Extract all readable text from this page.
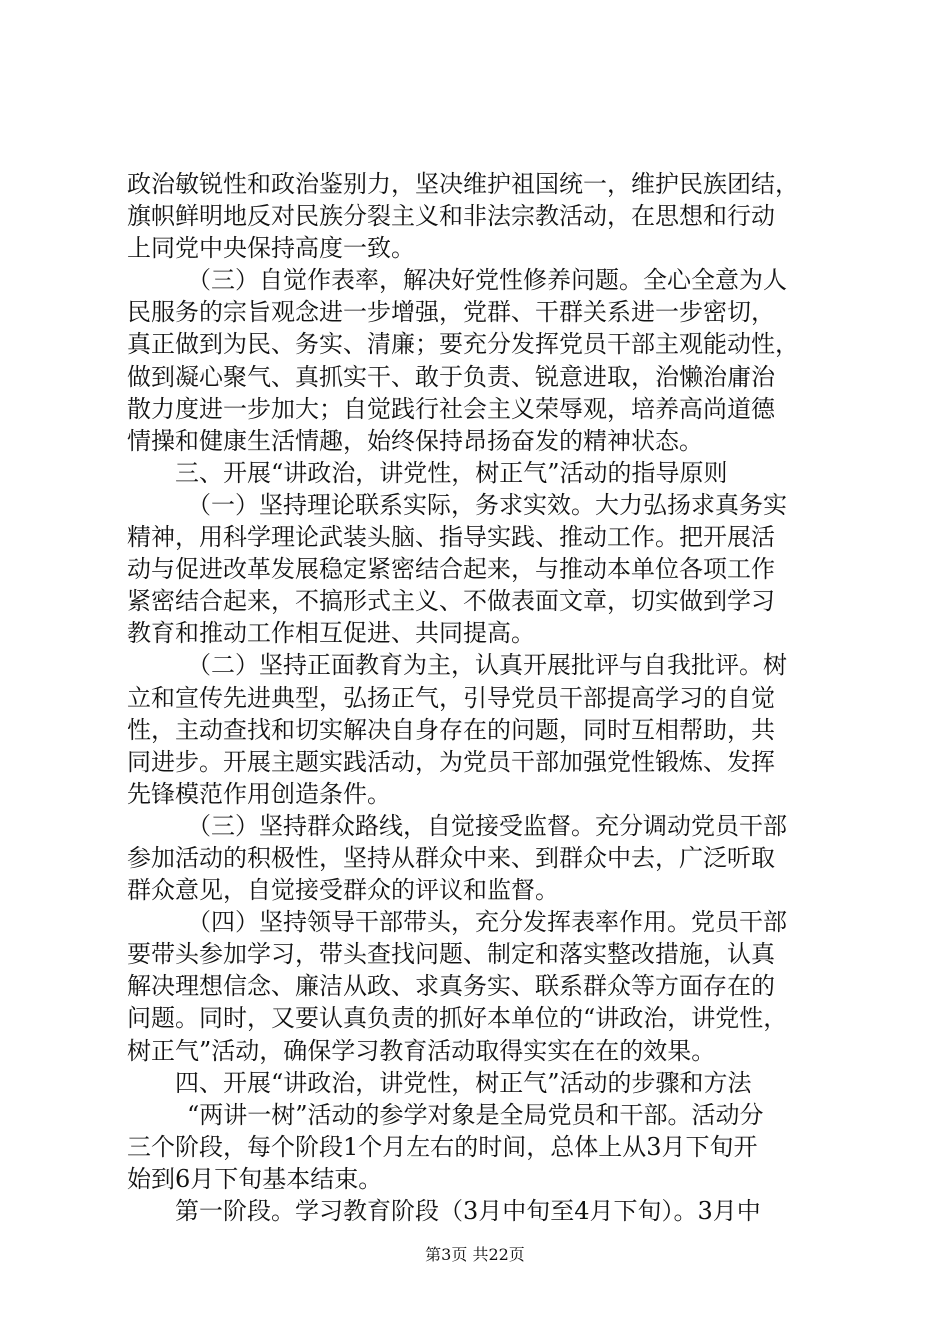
政治敏锐性和政治鉴别力，坚决维护祖国统一，维护民族团结，
旗帜鲜明地反对民族分裂主义和非法宗教活动，在思想和行动
上同党中央保持高度一致。
（三）自觉作表率，解决好党性修养问题。全心全意为人
民服务的宗旨观念进一步增强，党群、干群关系进一步密切，
真正做到为民、务实、清廉；要充分发挥党员干部主观能动性，
做到凝心聚气、真抓实干、敢于负责、锐意进取，治懒治庸治
散力度进一步加大；自觉践行社会主义荣辱观，培养高尚道德
情操和健康生活情趣，始终保持昂扬奋发的精神状态。
三、开展“讲政治，讲党性，树正气”活动的指导原则
（一）坚持理论联系实际，务求实效。大力弘扬求真务实
精神，用科学理论武装头脑、指导实践、推动工作。把开展活
动与促进改革发展稳定紧密结合起来，与推动本单位各项工作
紧密结合起来，不搞形式主义、不做表面文章，切实做到学习
教育和推动工作相互促进、共同提高。
（二）坚持正面教育为主，认真开展批评与自我批评。树
立和宣传先进典型，弘扬正气，引导党员干部提高学习的自觉
性，主动查找和切实解决自身存在的问题，同时互相帮助，共
同进步。开展主题实践活动，为党员干部加强党性锻炼、发挥
先锋模范作用创造条件。
（三）坚持群众路线，自觉接受监督。充分调动党员干部
参加活动的积极性，坚持从群众中来、到群众中去，广泛听取
群众意见，自觉接受群众的评议和监督。
（四）坚持领导干部带头，充分发挥表率作用。党员干部
要带头参加学习，带头查找问题、制定和落实整改措施，认真
解决理想信念、廉洁从政、求真务实、联系群众等方面存在的
问题。同时，又要认真负责的抓好本单位的“讲政治，讲党性，
树正气”活动，确保学习教育活动取得实实在在的效果。
四、开展“讲政治，讲党性，树正气”活动的步骤和方法
“两讲一树”活动的参学对象是全局党员和干部。活动分
三个阶段，每个阶段1个月左右的时间，总体上从3月下旬开
始到6月下旬基本结束。
第一阶段。学习教育阶段（3月中旬至4月下旬）。3月中
第3页 共22页
